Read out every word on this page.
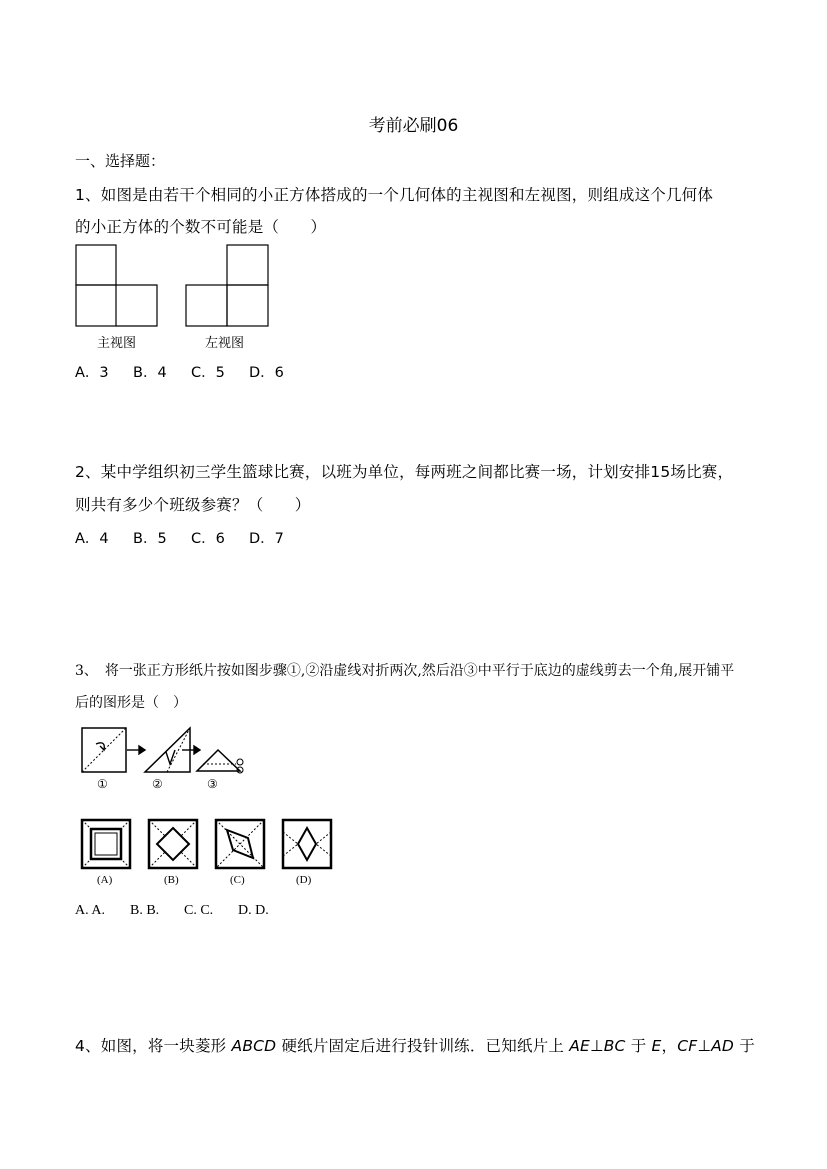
考前必刷06
一、选择题：
1、如图是由若干个相同的小正方体搭成的一个几何体的主视图和左视图，则组成这个几何体
的小正方体的个数不可能是（　　）
主视图	左视图
A．3 B．4 C．5 D．6
2、某中学组织初三学生篮球比赛，以班为单位，每两班之间都比赛一场，计划安排15场比赛，
则共有多少个班级参赛？（　　）
A．4 B．5 C．6 D．7
3、　将一张正方形纸片按如图步骤①,②沿虚线对折两次,然后沿③中平行于底边的虚线剪去一个角,展开铺平
后的图形是（　）
①	②	③
(A)	(B)	(C)	(D)
A. A. B. B. C. C. D. D.
4、如图，将一块菱形 ABCD 硬纸片固定后进行投针训练．已知纸片上 AE⊥BC 于 E，CF⊥AD 于
